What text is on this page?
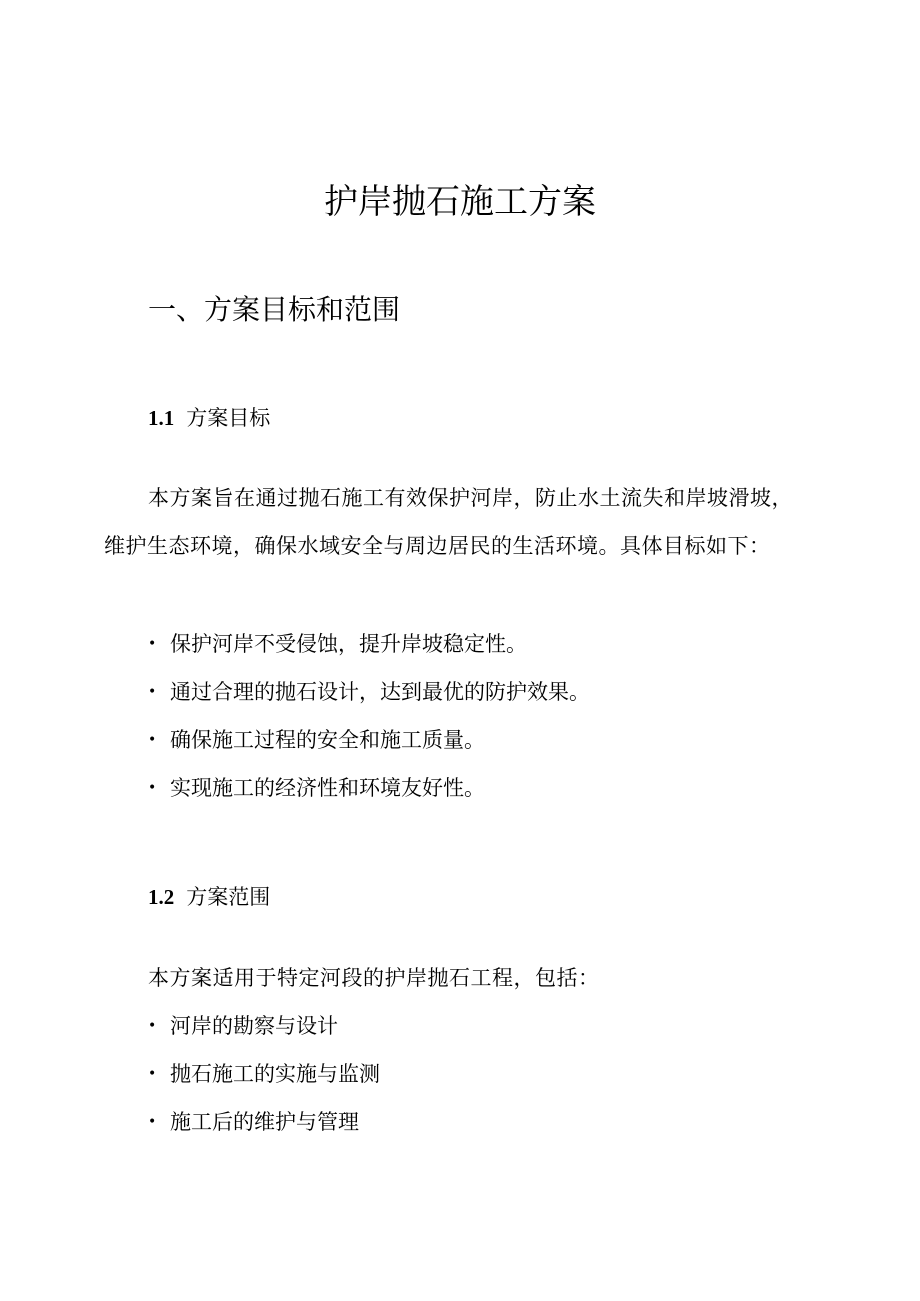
护岸抛石施工方案
一、方案目标和范围
1.1 方案目标

本方案旨在通过抛石施工有效保护河岸，防止水土流失和岸坡滑坡，维护生态环境，确保水域安全与周边居民的生活环境。具体目标如下：

• 保护河岸不受侵蚀，提升岸坡稳定性。
• 通过合理的抛石设计，达到最优的防护效果。
• 确保施工过程的安全和施工质量。
• 实现施工的经济性和环境友好性。
1.2 方案范围

本方案适用于特定河段的护岸抛石工程，包括：

• 河岸的勘察与设计
• 抛石施工的实施与监测
• 施工后的维护与管理
